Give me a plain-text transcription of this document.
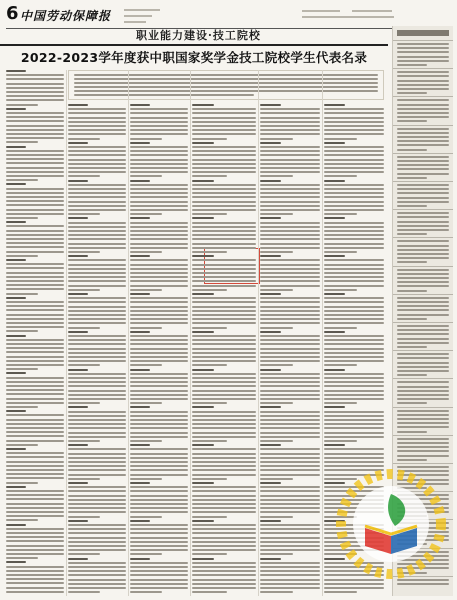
6 中国劳动保障报
职业能力建设·技工院校
2022-2023学年度获中职国家奖学金技工院校学生代表名录
